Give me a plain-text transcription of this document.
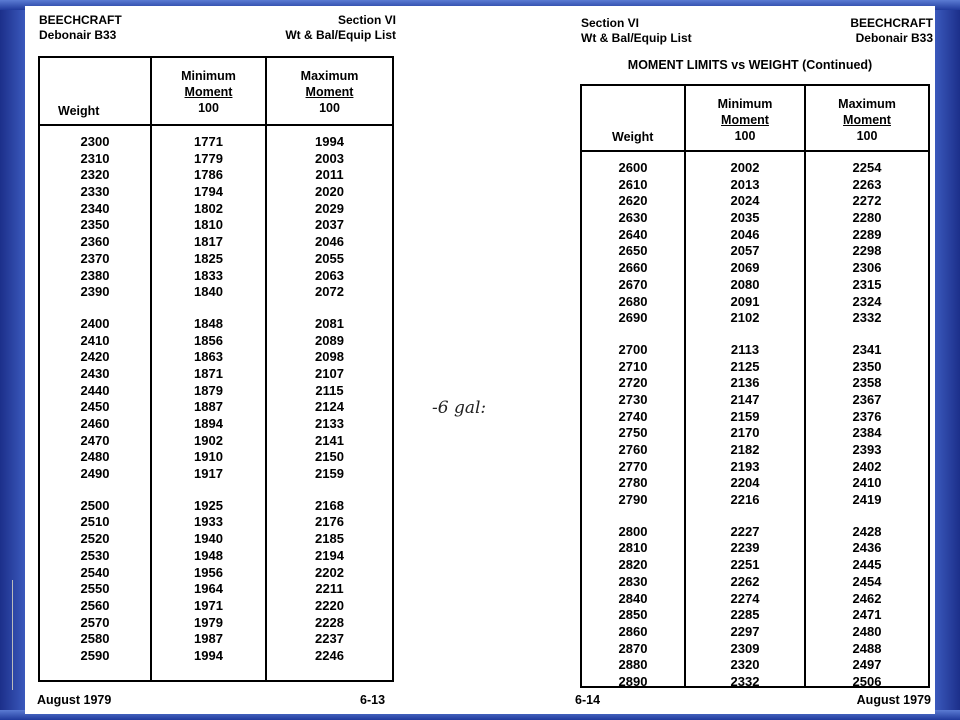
BEECHCRAFT
Debonair B33
Section VI
Wt & Bal/Equip List
Weight
Minimum
Moment
100
Maximum
Moment
100
2300
2310
2320
2330
2340
2350
2360
2370
2380
2390
2400
2410
2420
2430
2440
2450
2460
2470
2480
2490
2500
2510
2520
2530
2540
2550
2560
2570
2580
2590
1771
1779
1786
1794
1802
1810
1817
1825
1833
1840
1848
1856
1863
1871
1879
1887
1894
1902
1910
1917
1925
1933
1940
1948
1956
1964
1971
1979
1987
1994
1994
2003
2011
2020
2029
2037
2046
2055
2063
2072
2081
2089
2098
2107
2115
2124
2133
2141
2150
2159
2168
2176
2185
2194
2202
2211
2220
2228
2237
2246
August 1979	6-13
-6 gal:
Section VI
Wt & Bal/Equip List
BEECHCRAFT
Debonair B33
MOMENT LIMITS vs WEIGHT (Continued)
Weight
Minimum
Moment
100
Maximum
Moment
100
2600
2610
2620
2630
2640
2650
2660
2670
2680
2690
2700
2710
2720
2730
2740
2750
2760
2770
2780
2790
2800
2810
2820
2830
2840
2850
2860
2870
2880
2890
2002
2013
2024
2035
2046
2057
2069
2080
2091
2102
2113
2125
2136
2147
2159
2170
2182
2193
2204
2216
2227
2239
2251
2262
2274
2285
2297
2309
2320
2332
2254
2263
2272
2280
2289
2298
2306
2315
2324
2332
2341
2350
2358
2367
2376
2384
2393
2402
2410
2419
2428
2436
2445
2454
2462
2471
2480
2488
2497
2506
6-14	August 1979
